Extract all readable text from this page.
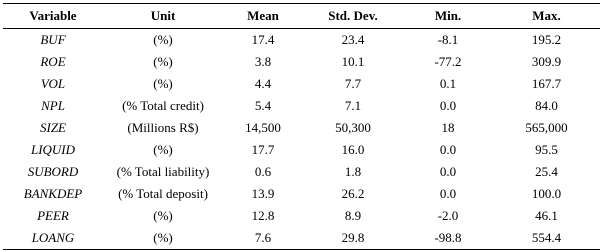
Variable	Unit	Mean	Std. Dev.	Min.	Max.
BUF	(%)	17.4	23.4	-8.1	195.2
ROE	(%)	3.8	10.1	-77.2	309.9
VOL	(%)	4.4	7.7	0.1	167.7
NPL	(% Total credit)	5.4	7.1	0.0	84.0
SIZE	(Millions R$)	14,500	50,300	18	565,000
LIQUID	(%)	17.7	16.0	0.0	95.5
SUBORD	(% Total liability)	0.6	1.8	0.0	25.4
BANKDEP	(% Total deposit)	13.9	26.2	0.0	100.0
PEER	(%)	12.8	8.9	-2.0	46.1
LOANG	(%)	7.6	29.8	-98.8	554.4
